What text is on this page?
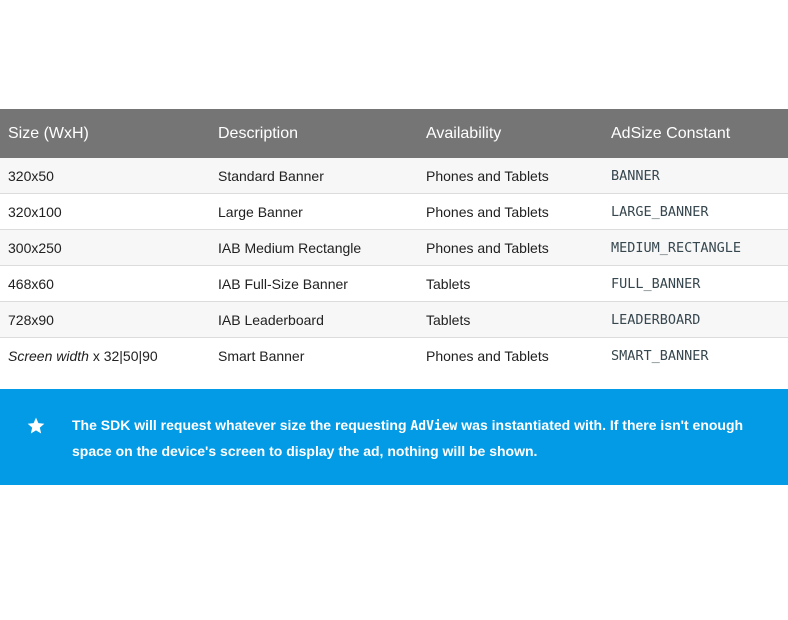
Size (WxH)	Description	Availability	AdSize Constant
320x50	Standard Banner	Phones and Tablets	BANNER
320x100	Large Banner	Phones and Tablets	LARGE_BANNER
300x250	IAB Medium Rectangle	Phones and Tablets	MEDIUM_RECTANGLE
468x60	IAB Full-Size Banner	Tablets	FULL_BANNER
728x90	IAB Leaderboard	Tablets	LEADERBOARD
Screen width x 32|50|90	Smart Banner	Phones and Tablets	SMART_BANNER
The SDK will request whatever size the requesting AdView was instantiated with. If there isn't enough space on the device's screen to display the ad, nothing will be shown.
